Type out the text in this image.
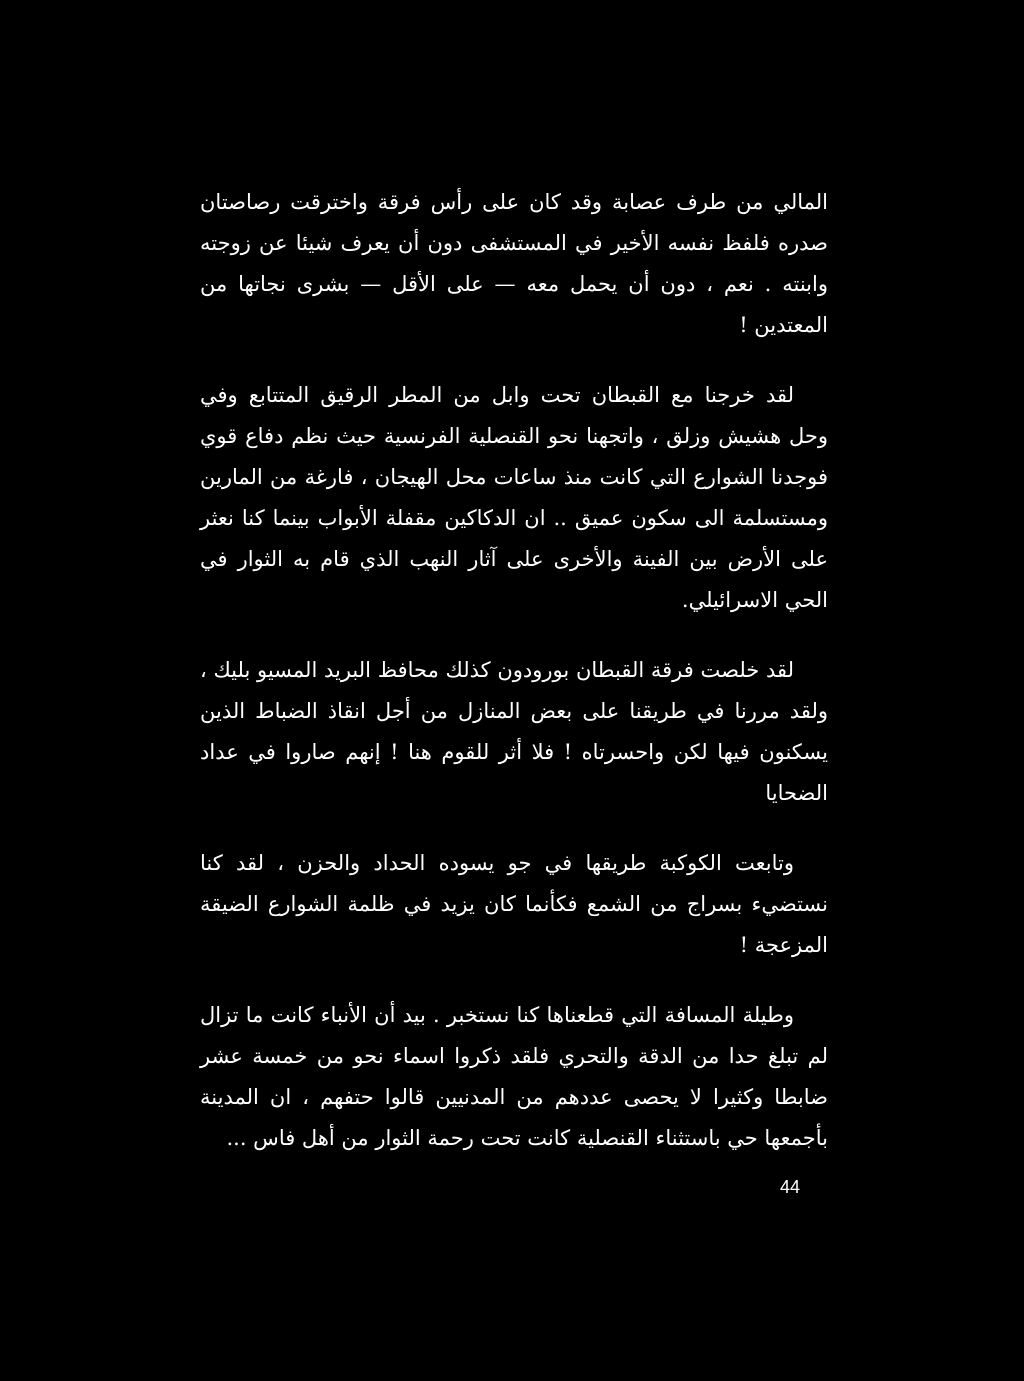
المالي من طرف عصابة وقد كان على رأس فرقة واخترقت رصاصتان صدره فلفظ نفسه الأخير في المستشفى دون أن يعرف شيئا عن زوجته وابنته . نعم ، دون أن يحمل معه — على الأقل — بشرى نجاتها من المعتدين !

لقد خرجنا مع القبطان تحت وابل من المطر الرقيق المتتابع وفي وحل هشيش وزلق ، واتجهنا نحو القنصلية الفرنسية حيث نظم دفاع قوي فوجدنا الشوارع التي كانت منذ ساعات محل الهيجان ، فارغة من المارين ومستسلمة الى سكون عميق .. ان الدكاكين مقفلة الأبواب بينما كنا نعثر على الأرض بين الفينة والأخرى على آثار النهب الذي قام به الثوار في الحي الاسرائيلي.

لقد خلصت فرقة القبطان بورودون كذلك محافظ البريد المسيو بليك ، ولقد مررنا في طريقنا على بعض المنازل من أجل انقاذ الضباط الذين يسكنون فيها لكن واحسرتاه ! فلا أثر للقوم هنا ! إنهم صاروا في عداد الضحايا

وتابعت الكوكبة طريقها في جو يسوده الحداد والحزن ، لقد كنا نستضيء بسراج من الشمع فكأنما كان يزيد في ظلمة الشوارع الضيقة المزعجة !

وطيلة المسافة التي قطعناها كنا نستخبر . بيد أن الأنباء كانت ما تزال لم تبلغ حدا من الدقة والتحري فلقد ذكروا اسماء نحو من خمسة عشر ضابطا وكثيرا لا يحصى عددهم من المدنيين قالوا حتفهم ، ان المدينة بأجمعها حي باستثناء القنصلية كانت تحت رحمة الثوار من أهل فاس ...

44
